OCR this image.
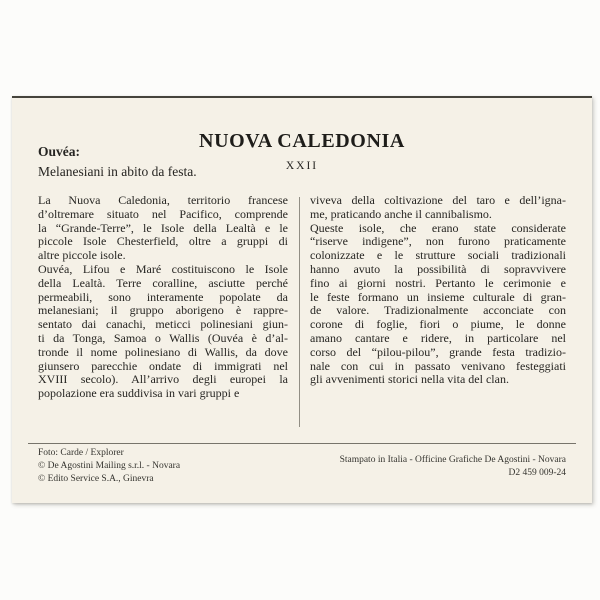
NUOVA CALEDONIA
Ouvéa:
Melanesiani in abito da festa.	XXII
La Nuova Caledonia, territorio francese
d’oltremare situato nel Pacifico, comprende
la “Grande-Terre”, le Isole della Lealtà e le
piccole Isole Chesterfield, oltre a gruppi di
altre piccole isole.
Ouvéa, Lifou e Maré costituiscono le Isole
della Lealtà. Terre coralline, asciutte perché
permeabili, sono interamente popolate da
melanesiani; il gruppo aborigeno è rappre-
sentato dai canachi, meticci polinesiani giun-
ti da Tonga, Samoa o Wallis (Ouvéa è d’al-
tronde il nome polinesiano di Wallis, da dove
giunsero parecchie ondate di immigrati nel
XVIII secolo). All’arrivo degli europei la
popolazione era suddivisa in vari gruppi e
viveva della coltivazione del taro e dell’igna-
me, praticando anche il cannibalismo.
Queste isole, che erano state considerate
“riserve indigene”, non furono praticamente
colonizzate e le strutture sociali tradizionali
hanno avuto la possibilità di sopravvivere
fino ai giorni nostri. Pertanto le cerimonie e
le feste formano un insieme culturale di gran-
de valore. Tradizionalmente acconciate con
corone di foglie, fiori o piume, le donne
amano cantare e ridere, in particolare nel
corso del “pilou-pilou”, grande festa tradizio-
nale con cui in passato venivano festeggiati
gli avvenimenti storici nella vita del clan.
Foto: Carde / Explorer
© De Agostini Mailing s.r.l. - Novara
© Edito Service S.A., Ginevra
Stampato in Italia - Officine Grafiche De Agostini - Novara
D2 459 009-24
